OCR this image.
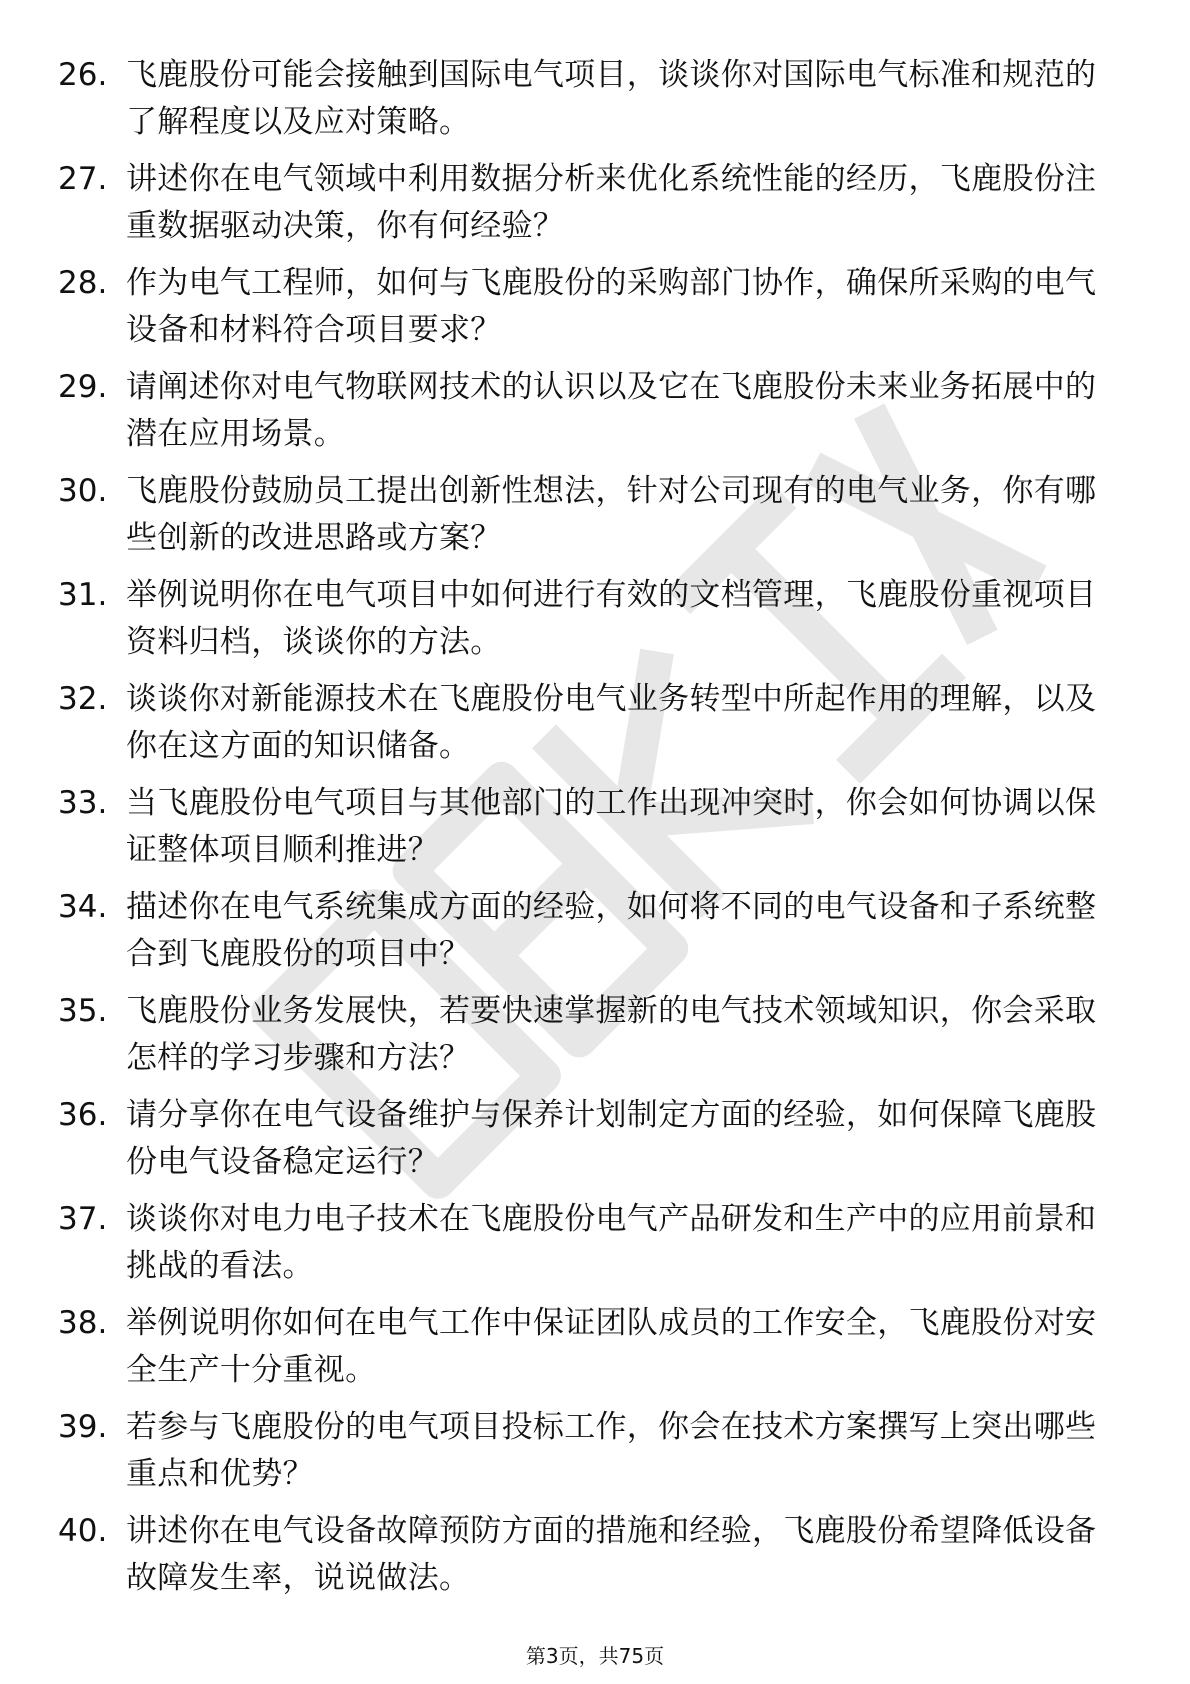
26. 飞鹿股份可能会接触到国际电气项目，谈谈你对国际电气标准和规范的了解程度以及应对策略。
27. 讲述你在电气领域中利用数据分析来优化系统性能的经历，飞鹿股份注重数据驱动决策，你有何经验？
28. 作为电气工程师，如何与飞鹿股份的采购部门协作，确保所采购的电气设备和材料符合项目要求？
29. 请阐述你对电气物联网技术的认识以及它在飞鹿股份未来业务拓展中的潜在应用场景。
30. 飞鹿股份鼓励员工提出创新性想法，针对公司现有的电气业务，你有哪些创新的改进思路或方案？
31. 举例说明你在电气项目中如何进行有效的文档管理，飞鹿股份重视项目资料归档，谈谈你的方法。
32. 谈谈你对新能源技术在飞鹿股份电气业务转型中所起作用的理解，以及你在这方面的知识储备。
33. 当飞鹿股份电气项目与其他部门的工作出现冲突时，你会如何协调以保证整体项目顺利推进？
34. 描述你在电气系统集成方面的经验，如何将不同的电气设备和子系统整合到飞鹿股份的项目中？
35. 飞鹿股份业务发展快，若要快速掌握新的电气技术领域知识，你会采取怎样的学习步骤和方法？
36. 请分享你在电气设备维护与保养计划制定方面的经验，如何保障飞鹿股份电气设备稳定运行？
37. 谈谈你对电力电子技术在飞鹿股份电气产品研发和生产中的应用前景和挑战的看法。
38. 举例说明你如何在电气工作中保证团队成员的工作安全，飞鹿股份对安全生产十分重视。
39. 若参与飞鹿股份的电气项目投标工作，你会在技术方案撰写上突出哪些重点和优势？
40. 讲述你在电气设备故障预防方面的措施和经验，飞鹿股份希望降低设备故障发生率，说说做法。
第3页，共75页
